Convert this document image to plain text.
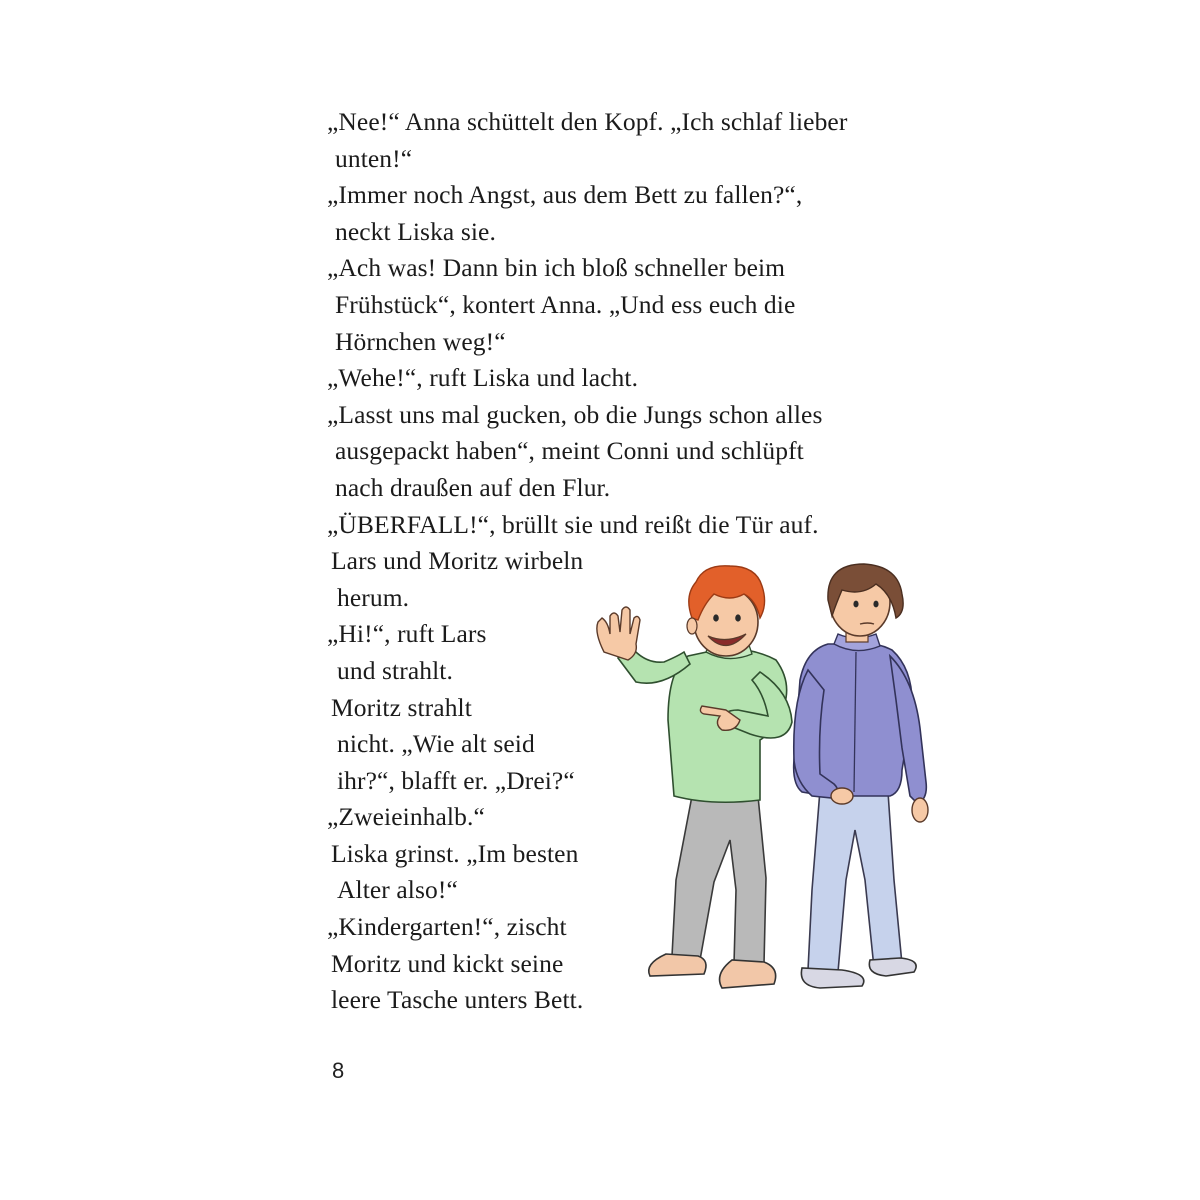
„Nee!“ Anna schüttelt den Kopf. „Ich schlaf lieber
unten!“
„Immer noch Angst, aus dem Bett zu fallen?“,
neckt Liska sie.
„Ach was! Dann bin ich bloß schneller beim
Frühstück“, kontert Anna. „Und ess euch die
Hörnchen weg!“
„Wehe!“, ruft Liska und lacht.
„Lasst uns mal gucken, ob die Jungs schon alles
ausgepackt haben“, meint Conni und schlüpft
nach draußen auf den Flur.
„ÜBERFALL!“, brüllt sie und reißt die Tür auf.
Lars und Moritz wirbeln
herum.
„Hi!“, ruft Lars
und strahlt.
Moritz strahlt
nicht. „Wie alt seid
ihr?“, blafft er. „Drei?“
„Zweieinhalb.“
Liska grinst. „Im besten
Alter also!“
„Kindergarten!“, zischt
Moritz und kickt seine
leere Tasche unters Bett.
8
